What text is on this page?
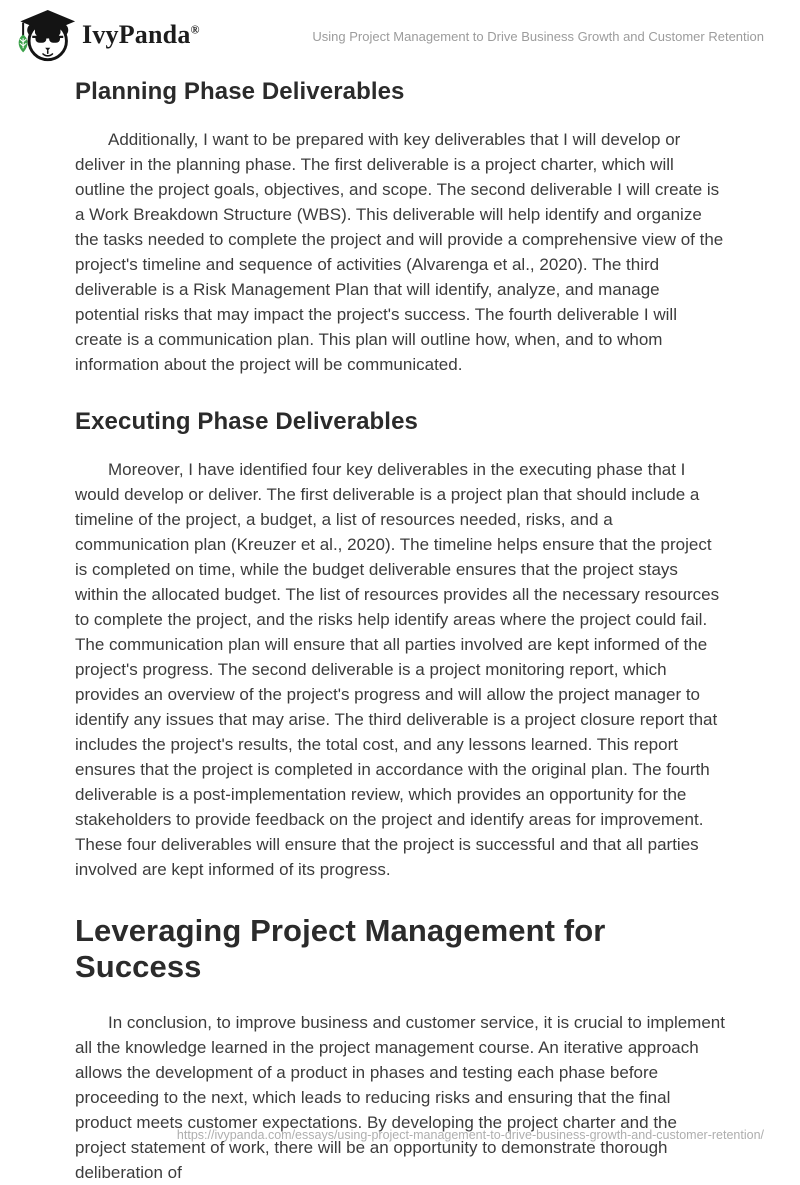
IvyPanda®	Using Project Management to Drive Business Growth and Customer Retention
Planning Phase Deliverables

Additionally, I want to be prepared with key deliverables that I will develop or deliver in the planning phase. The first deliverable is a project charter, which will outline the project goals, objectives, and scope. The second deliverable I will create is a Work Breakdown Structure (WBS). This deliverable will help identify and organize the tasks needed to complete the project and will provide a comprehensive view of the project's timeline and sequence of activities (Alvarenga et al., 2020). The third deliverable is a Risk Management Plan that will identify, analyze, and manage potential risks that may impact the project's success. The fourth deliverable I will create is a communication plan. This plan will outline how, when, and to whom information about the project will be communicated.

Executing Phase Deliverables

Moreover, I have identified four key deliverables in the executing phase that I would develop or deliver. The first deliverable is a project plan that should include a timeline of the project, a budget, a list of resources needed, risks, and a communication plan (Kreuzer et al., 2020). The timeline helps ensure that the project is completed on time, while the budget deliverable ensures that the project stays within the allocated budget. The list of resources provides all the necessary resources to complete the project, and the risks help identify areas where the project could fail. The communication plan will ensure that all parties involved are kept informed of the project's progress. The second deliverable is a project monitoring report, which provides an overview of the project's progress and will allow the project manager to identify any issues that may arise. The third deliverable is a project closure report that includes the project's results, the total cost, and any lessons learned. This report ensures that the project is completed in accordance with the original plan. The fourth deliverable is a post-implementation review, which provides an opportunity for the stakeholders to provide feedback on the project and identify areas for improvement. These four deliverables will ensure that the project is successful and that all parties involved are kept informed of its progress.

Leveraging Project Management for Success

In conclusion, to improve business and customer service, it is crucial to implement all the knowledge learned in the project management course. An iterative approach allows the development of a product in phases and testing each phase before proceeding to the next, which leads to reducing risks and ensuring that the final product meets customer expectations. By developing the project charter and the project statement of work, there will be an opportunity to demonstrate thorough deliberation of

https://ivypanda.com/essays/using-project-management-to-drive-business-growth-and-customer-retention/
